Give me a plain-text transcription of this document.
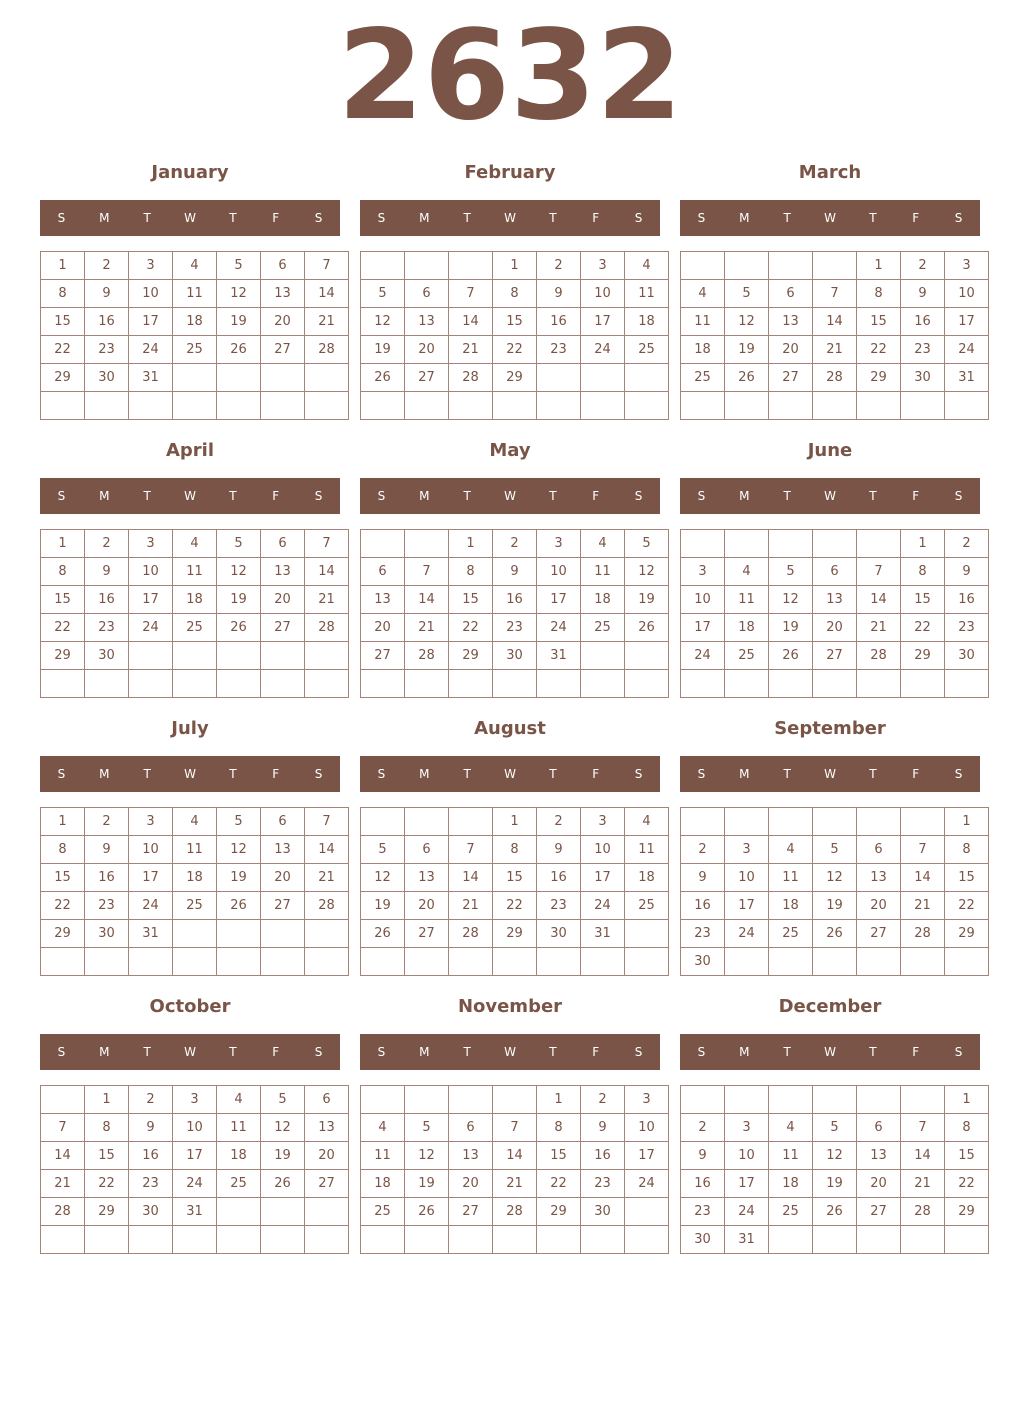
2632
January
S	M	T	W	T	F	S
1	2	3	4	5	6	7
8	9	10	11	12	13	14
15	16	17	18	19	20	21
22	23	24	25	26	27	28
29	30	31				

February
S	M	T	W	T	F	S
			1	2	3	4
5	6	7	8	9	10	11
12	13	14	15	16	17	18
19	20	21	22	23	24	25
26	27	28	29			

March
S	M	T	W	T	F	S
				1	2	3
4	5	6	7	8	9	10
11	12	13	14	15	16	17
18	19	20	21	22	23	24
25	26	27	28	29	30	31

April
S	M	T	W	T	F	S
1	2	3	4	5	6	7
8	9	10	11	12	13	14
15	16	17	18	19	20	21
22	23	24	25	26	27	28
29	30					

May
S	M	T	W	T	F	S
		1	2	3	4	5
6	7	8	9	10	11	12
13	14	15	16	17	18	19
20	21	22	23	24	25	26
27	28	29	30	31		

June
S	M	T	W	T	F	S
					1	2
3	4	5	6	7	8	9
10	11	12	13	14	15	16
17	18	19	20	21	22	23
24	25	26	27	28	29	30

July
S	M	T	W	T	F	S
1	2	3	4	5	6	7
8	9	10	11	12	13	14
15	16	17	18	19	20	21
22	23	24	25	26	27	28
29	30	31				

August
S	M	T	W	T	F	S
			1	2	3	4
5	6	7	8	9	10	11
12	13	14	15	16	17	18
19	20	21	22	23	24	25
26	27	28	29	30	31	

September
S	M	T	W	T	F	S
						1
2	3	4	5	6	7	8
9	10	11	12	13	14	15
16	17	18	19	20	21	22
23	24	25	26	27	28	29
30						
October
S	M	T	W	T	F	S
	1	2	3	4	5	6
7	8	9	10	11	12	13
14	15	16	17	18	19	20
21	22	23	24	25	26	27
28	29	30	31			

November
S	M	T	W	T	F	S
				1	2	3
4	5	6	7	8	9	10
11	12	13	14	15	16	17
18	19	20	21	22	23	24
25	26	27	28	29	30	

December
S	M	T	W	T	F	S
						1
2	3	4	5	6	7	8
9	10	11	12	13	14	15
16	17	18	19	20	21	22
23	24	25	26	27	28	29
30	31					
